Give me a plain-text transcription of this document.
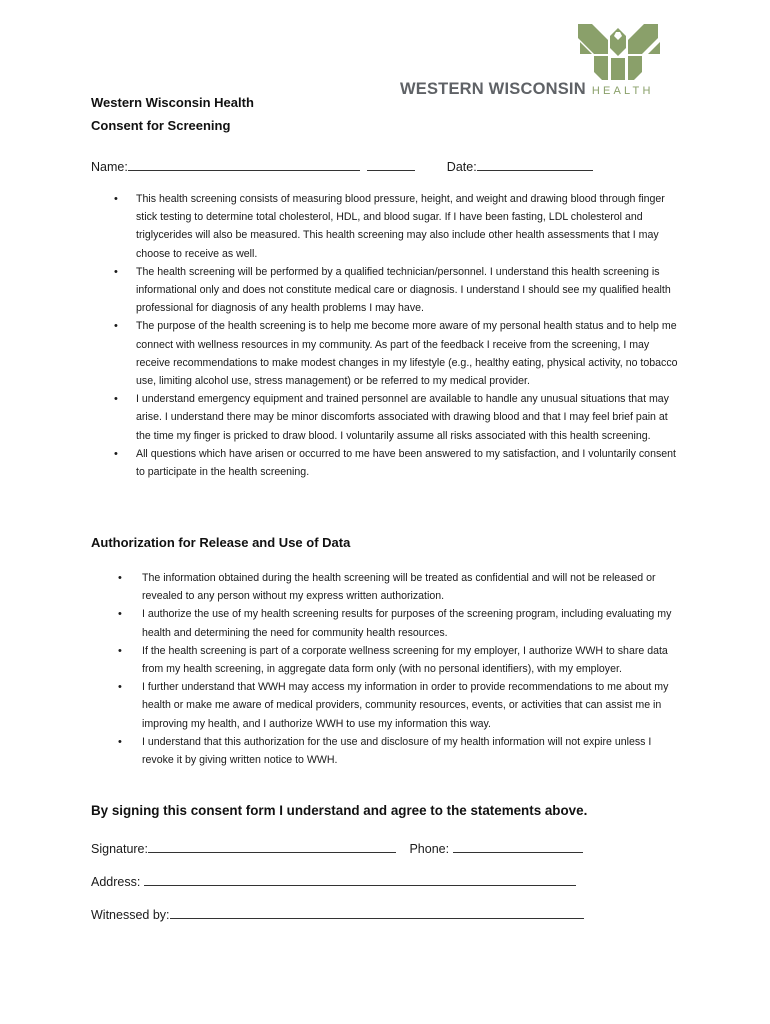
WESTERN WISCONSIN HEALTH
Western Wisconsin Health
Consent for Screening
Name:	Date:
• This health screening consists of measuring blood pressure, height, and weight and drawing blood through finger stick testing to determine total cholesterol, HDL, and blood sugar. If I have been fasting, LDL cholesterol and triglycerides will also be measured. This health screening may also include other health assessments that I may choose to receive as well.
• The health screening will be performed by a qualified technician/personnel. I understand this health screening is informational only and does not constitute medical care or diagnosis. I understand I should see my qualified health professional for diagnosis of any health problems I may have.
• The purpose of the health screening is to help me become more aware of my personal health status and to help me connect with wellness resources in my community. As part of the feedback I receive from the screening, I may receive recommendations to make modest changes in my lifestyle (e.g., healthy eating, physical activity, no tobacco use, limiting alcohol use, stress management) or be referred to my medical provider.
• I understand emergency equipment and trained personnel are available to handle any unusual situations that may arise. I understand there may be minor discomforts associated with drawing blood and that I may feel brief pain at the time my finger is pricked to draw blood. I voluntarily assume all risks associated with this health screening.
• All questions which have arisen or occurred to me have been answered to my satisfaction, and I voluntarily consent to participate in the health screening.
Authorization for Release and Use of Data
• The information obtained during the health screening will be treated as confidential and will not be released or revealed to any person without my express written authorization.
• I authorize the use of my health screening results for purposes of the screening program, including evaluating my health and determining the need for community health resources.
• If the health screening is part of a corporate wellness screening for my employer, I authorize WWH to share data from my health screening, in aggregate data form only (with no personal identifiers), with my employer.
• I further understand that WWH may access my information in order to provide recommendations to me about my health or make me aware of medical providers, community resources, events, or activities that can assist me in improving my health, and I authorize WWH to use my information this way.
• I understand that this authorization for the use and disclosure of my health information will not expire unless I revoke it by giving written notice to WWH.
By signing this consent form I understand and agree to the statements above.
Signature:	Phone:
Address:
Witnessed by:
